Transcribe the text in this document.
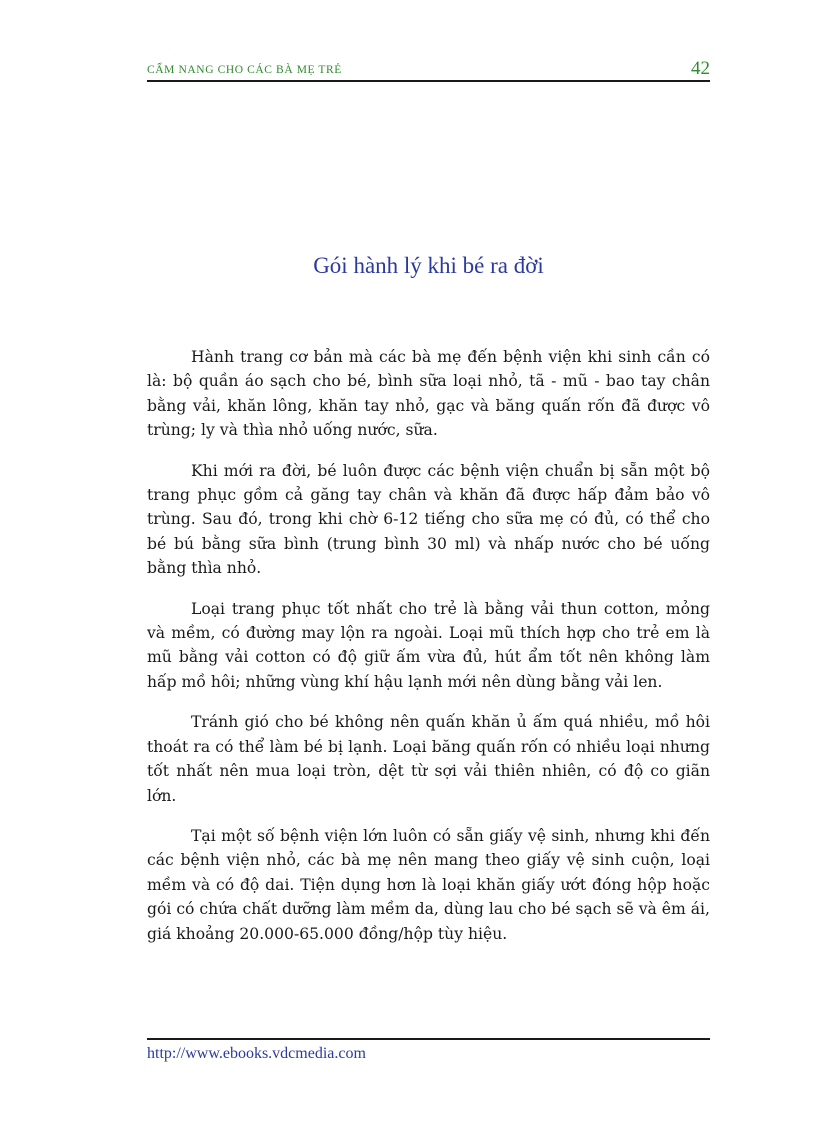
CẨM NANG CHO CÁC BÀ MẸ TRẺ	42
Gói hành lý khi bé ra đời

Hành trang cơ bản mà các bà mẹ đến bệnh viện khi sinh cần có là: bộ quần áo sạch cho bé, bình sữa loại nhỏ, tã - mũ - bao tay chân bằng vải, khăn lông, khăn tay nhỏ, gạc và băng quấn rốn đã được vô trùng; ly và thìa nhỏ uống nước, sữa.

Khi mới ra đời, bé luôn được các bệnh viện chuẩn bị sẵn một bộ trang phục gồm cả găng tay chân và khăn đã được hấp đảm bảo vô trùng. Sau đó, trong khi chờ 6-12 tiếng cho sữa mẹ có đủ, có thể cho bé bú bằng sữa bình (trung bình 30 ml) và nhấp nước cho bé uống bằng thìa nhỏ.

Loại trang phục tốt nhất cho trẻ là bằng vải thun cotton, mỏng và mềm, có đường may lộn ra ngoài. Loại mũ thích hợp cho trẻ em là mũ bằng vải cotton có độ giữ ấm vừa đủ, hút ẩm tốt nên không làm hấp mồ hôi; những vùng khí hậu lạnh mới nên dùng bằng vải len.

Tránh gió cho bé không nên quấn khăn ủ ấm quá nhiều, mồ hôi thoát ra có thể làm bé bị lạnh. Loại băng quấn rốn có nhiều loại nhưng tốt nhất nên mua loại tròn, dệt từ sợi vải thiên nhiên, có độ co giãn lớn.

Tại một số bệnh viện lớn luôn có sẵn giấy vệ sinh, nhưng khi đến các bệnh viện nhỏ, các bà mẹ nên mang theo giấy vệ sinh cuộn, loại mềm và có độ dai. Tiện dụng hơn là loại khăn giấy ướt đóng hộp hoặc gói có chứa chất dưỡng làm mềm da, dùng lau cho bé sạch sẽ và êm ái, giá khoảng 20.000-65.000 đồng/hộp tùy hiệu.

http://www.ebooks.vdcmedia.com
